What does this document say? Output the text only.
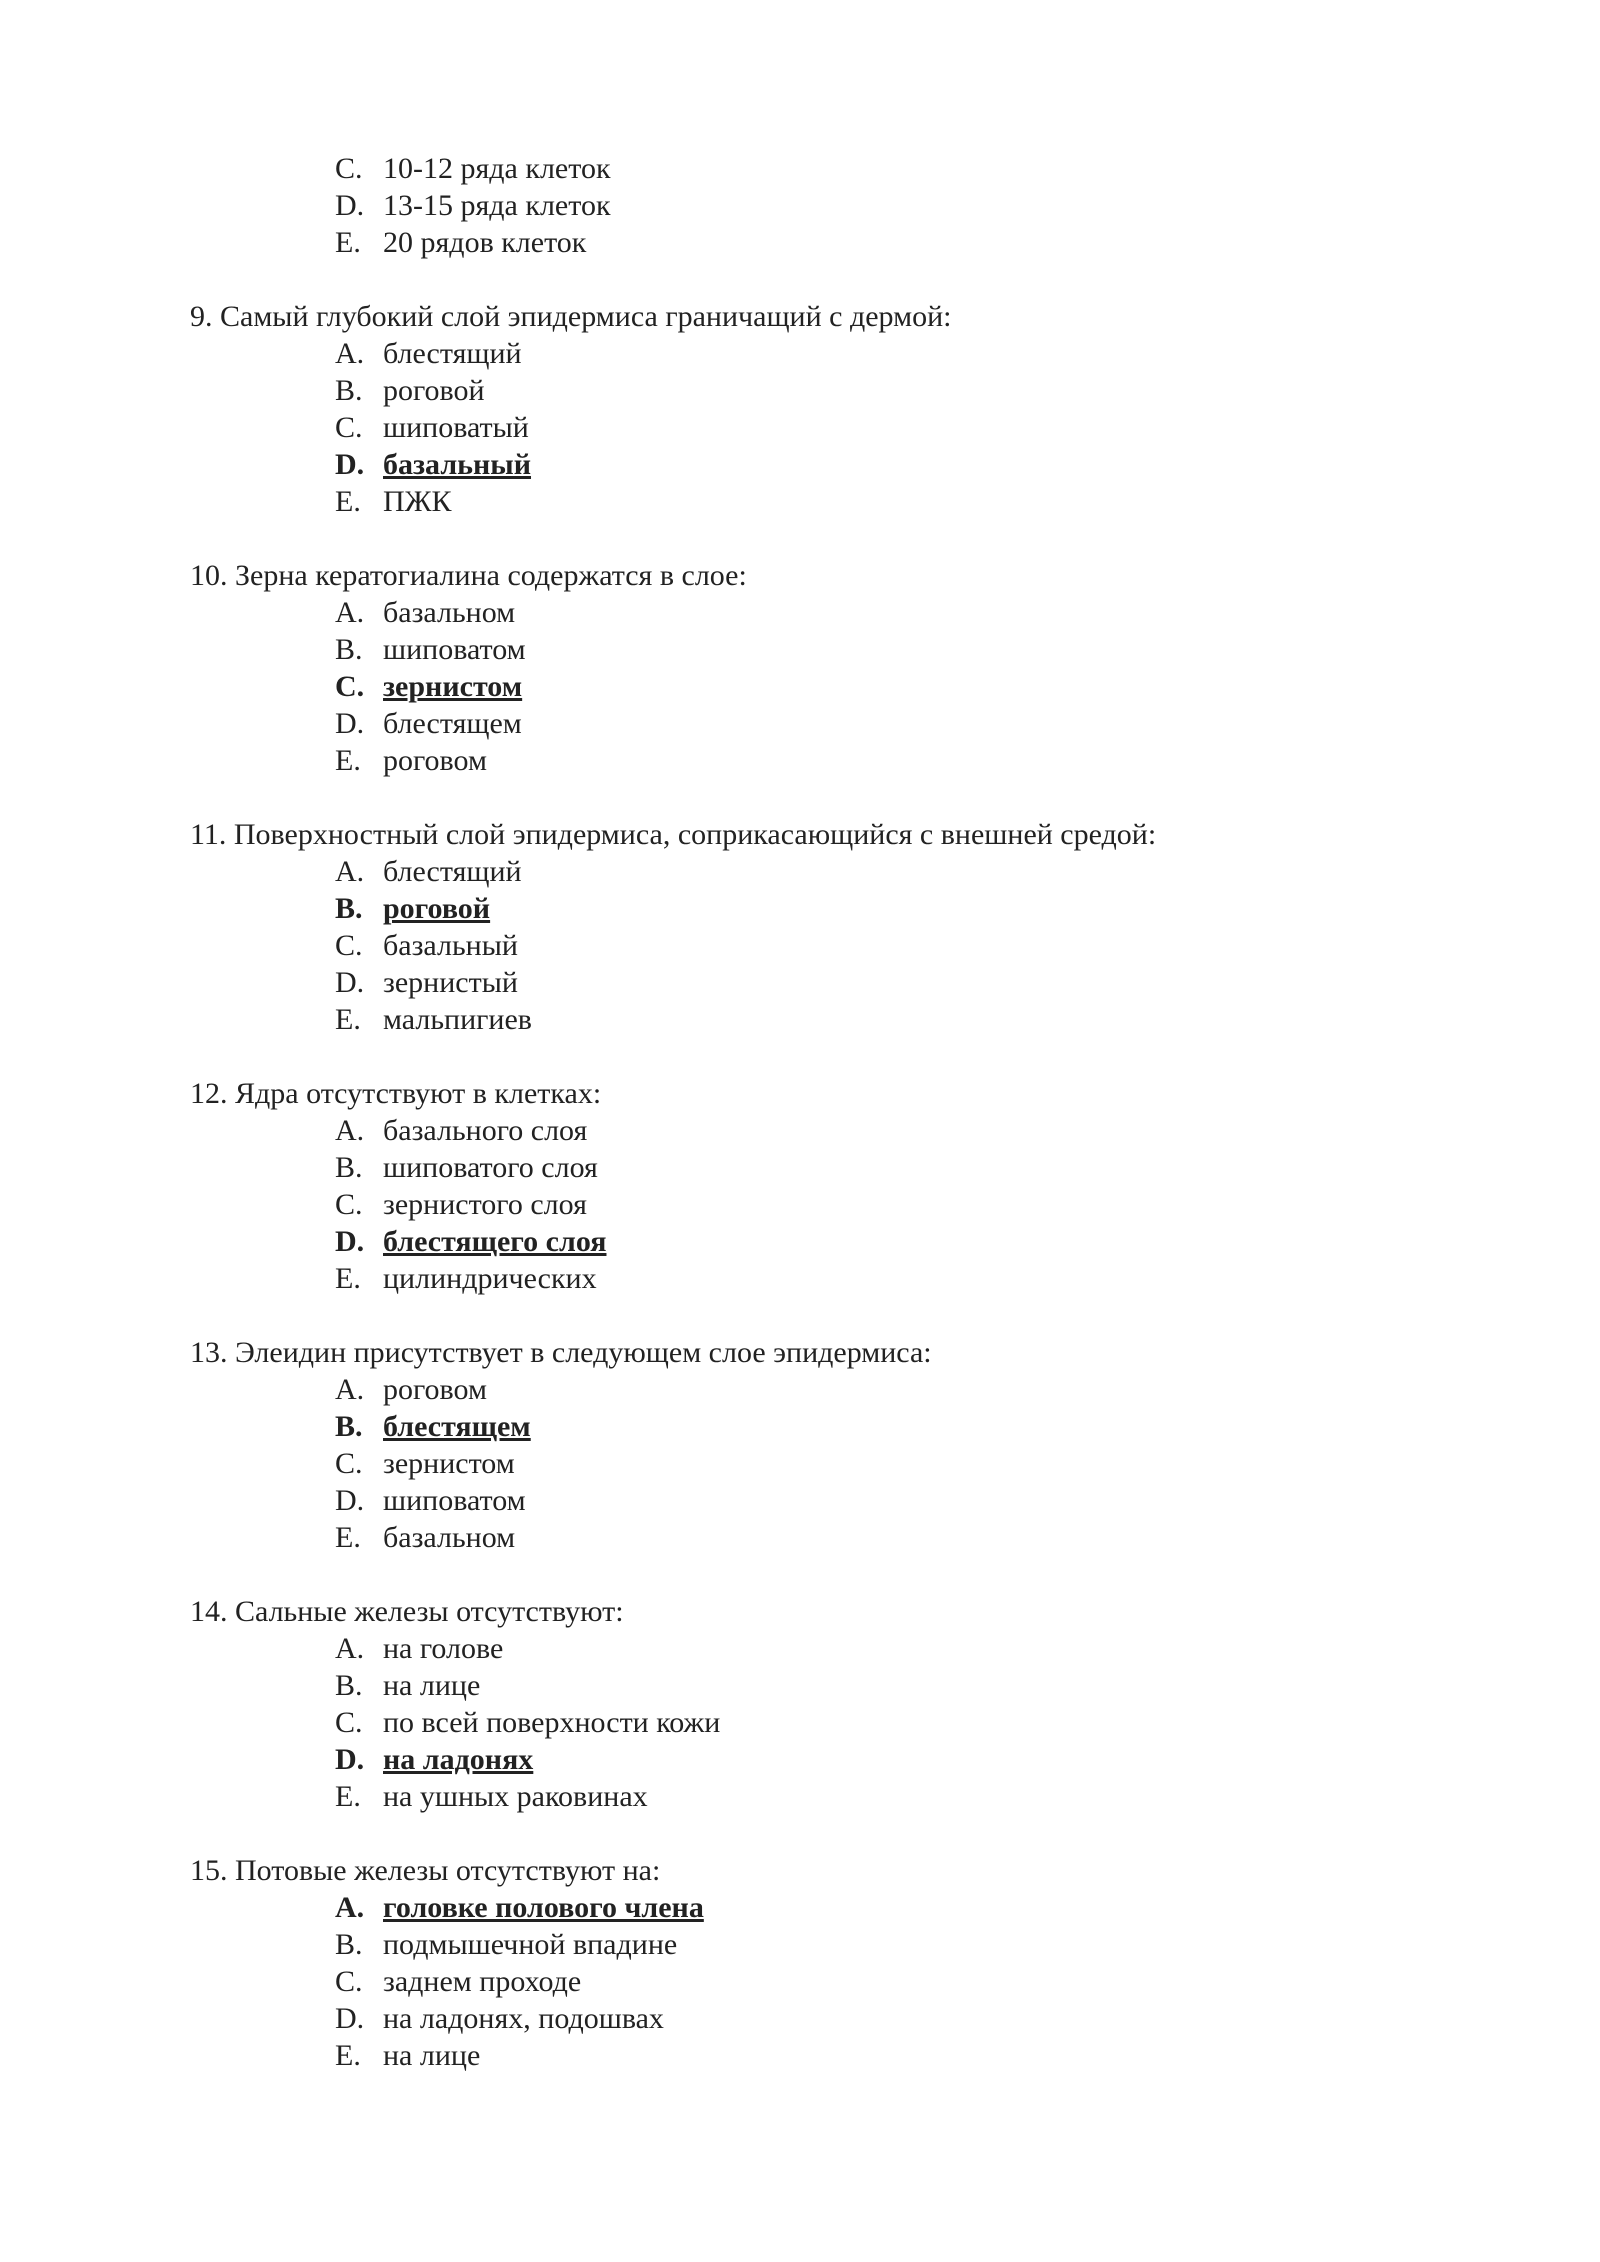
C. 10-12 ряда клеток
D. 13-15 ряда клеток
E. 20 рядов клеток
9. Самый глубокий слой эпидермиса граничащий с дермой:
A. блестящий
B. роговой
C. шиповатый
D. базальный
E. ПЖК
10. Зерна кератогиалина содержатся в слое:
A. базальном
B. шиповатом
C. зернистом
D. блестящем
E. роговом
11. Поверхностный слой эпидермиса, соприкасающийся с внешней средой:
A. блестящий
B. роговой
C. базальный
D. зернистый
E. мальпигиев
12. Ядра отсутствуют в клетках:
A. базального слоя
B. шиповатого слоя
C. зернистого слоя
D. блестящего слоя
E. цилиндрических
13. Элеидин присутствует в следующем слое эпидермиса:
A. роговом
B. блестящем
C. зернистом
D. шиповатом
E. базальном
14. Сальные железы отсутствуют:
A. на голове
B. на лице
C. по всей поверхности кожи
D. на ладонях
E. на ушных раковинах
15. Потовые железы отсутствуют на:
A. головке полового члена
B. подмышечной впадине
C. заднем проходе
D. на ладонях, подошвах
E. на лице
